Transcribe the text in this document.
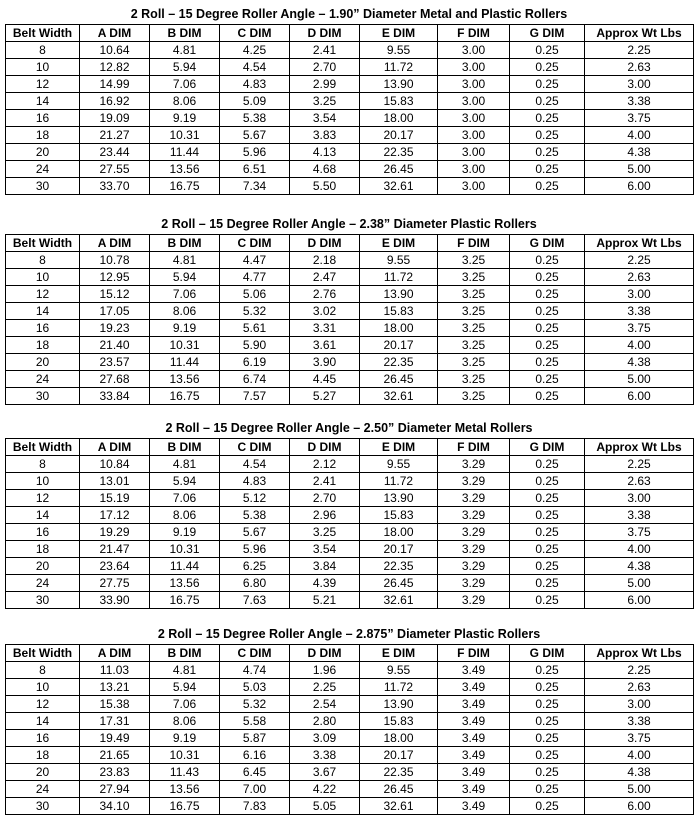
2 Roll – 15 Degree Roller Angle – 1.90” Diameter Metal and Plastic Rollers
Belt Width	A DIM	B DIM	C DIM	D DIM	E DIM	F DIM	G DIM	Approx Wt Lbs
8	10.64	4.81	4.25	2.41	9.55	3.00	0.25	2.25
10	12.82	5.94	4.54	2.70	11.72	3.00	0.25	2.63
12	14.99	7.06	4.83	2.99	13.90	3.00	0.25	3.00
14	16.92	8.06	5.09	3.25	15.83	3.00	0.25	3.38
16	19.09	9.19	5.38	3.54	18.00	3.00	0.25	3.75
18	21.27	10.31	5.67	3.83	20.17	3.00	0.25	4.00
20	23.44	11.44	5.96	4.13	22.35	3.00	0.25	4.38
24	27.55	13.56	6.51	4.68	26.45	3.00	0.25	5.00
30	33.70	16.75	7.34	5.50	32.61	3.00	0.25	6.00
2 Roll – 15 Degree Roller Angle – 2.38” Diameter Plastic Rollers
Belt Width	A DIM	B DIM	C DIM	D DIM	E DIM	F DIM	G DIM	Approx Wt Lbs
8	10.78	4.81	4.47	2.18	9.55	3.25	0.25	2.25
10	12.95	5.94	4.77	2.47	11.72	3.25	0.25	2.63
12	15.12	7.06	5.06	2.76	13.90	3.25	0.25	3.00
14	17.05	8.06	5.32	3.02	15.83	3.25	0.25	3.38
16	19.23	9.19	5.61	3.31	18.00	3.25	0.25	3.75
18	21.40	10.31	5.90	3.61	20.17	3.25	0.25	4.00
20	23.57	11.44	6.19	3.90	22.35	3.25	0.25	4.38
24	27.68	13.56	6.74	4.45	26.45	3.25	0.25	5.00
30	33.84	16.75	7.57	5.27	32.61	3.25	0.25	6.00
2 Roll – 15 Degree Roller Angle – 2.50” Diameter Metal Rollers
Belt Width	A DIM	B DIM	C DIM	D DIM	E DIM	F DIM	G DIM	Approx Wt Lbs
8	10.84	4.81	4.54	2.12	9.55	3.29	0.25	2.25
10	13.01	5.94	4.83	2.41	11.72	3.29	0.25	2.63
12	15.19	7.06	5.12	2.70	13.90	3.29	0.25	3.00
14	17.12	8.06	5.38	2.96	15.83	3.29	0.25	3.38
16	19.29	9.19	5.67	3.25	18.00	3.29	0.25	3.75
18	21.47	10.31	5.96	3.54	20.17	3.29	0.25	4.00
20	23.64	11.44	6.25	3.84	22.35	3.29	0.25	4.38
24	27.75	13.56	6.80	4.39	26.45	3.29	0.25	5.00
30	33.90	16.75	7.63	5.21	32.61	3.29	0.25	6.00
2 Roll – 15 Degree Roller Angle – 2.875” Diameter Plastic Rollers
Belt Width	A DIM	B DIM	C DIM	D DIM	E DIM	F DIM	G DIM	Approx Wt Lbs
8	11.03	4.81	4.74	1.96	9.55	3.49	0.25	2.25
10	13.21	5.94	5.03	2.25	11.72	3.49	0.25	2.63
12	15.38	7.06	5.32	2.54	13.90	3.49	0.25	3.00
14	17.31	8.06	5.58	2.80	15.83	3.49	0.25	3.38
16	19.49	9.19	5.87	3.09	18.00	3.49	0.25	3.75
18	21.65	10.31	6.16	3.38	20.17	3.49	0.25	4.00
20	23.83	11.43	6.45	3.67	22.35	3.49	0.25	4.38
24	27.94	13.56	7.00	4.22	26.45	3.49	0.25	5.00
30	34.10	16.75	7.83	5.05	32.61	3.49	0.25	6.00
